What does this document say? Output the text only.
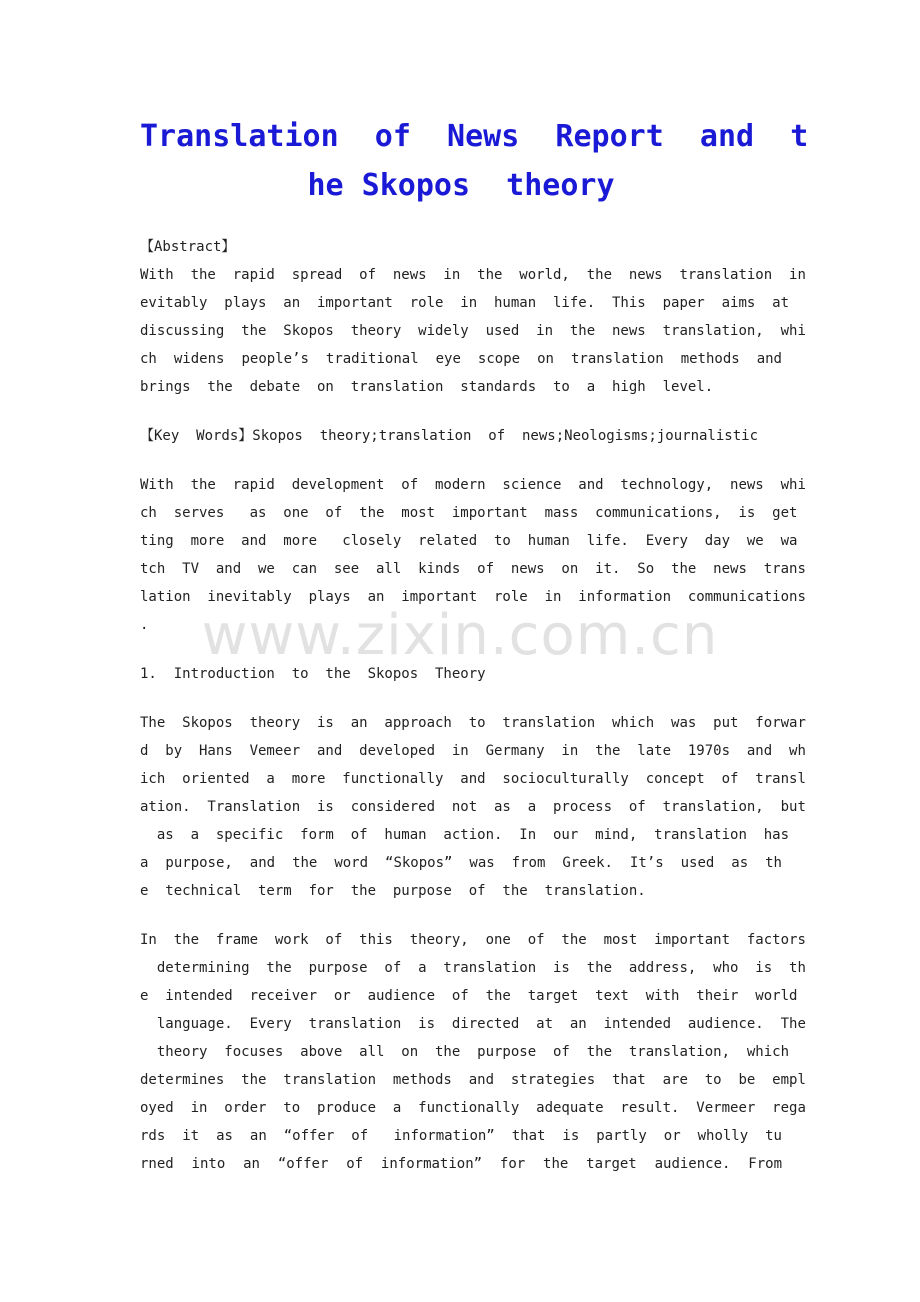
Translation  of  News  Report  and  t
he Skopos  theory

【Abstract】

With  the  rapid  spread  of  news  in  the  world,  the  news  translation  in

evitably  plays  an  important  role  in  human  life.  This  paper  aims  at

discussing  the  Skopos  theory  widely  used  in  the  news  translation,  whi

ch  widens  people’s  traditional  eye  scope  on  translation  methods  and

brings  the  debate  on  translation  standards  to  a  high  level.

【Key  Words】Skopos  theory;translation  of  news;Neologisms;journalistic

With  the  rapid  development  of  modern  science  and  technology,  news  whi

ch  serves   as  one  of  the  most  important  mass  communications,  is  get

ting  more  and  more   closely  related  to  human  life.  Every  day  we  wa

tch  TV  and  we  can  see  all  kinds  of  news  on  it.  So  the  news  trans

lation  inevitably  plays  an  important  role  in  information  communications

.

1.  Introduction  to  the  Skopos  Theory

The  Skopos  theory  is  an  approach  to  translation  which  was  put  forwar

d  by  Hans  Vemeer  and  developed  in  Germany  in  the  late  1970s  and  wh

ich  oriented  a  more  functionally  and  socioculturally  concept  of  transl

ation.  Translation  is  considered  not  as  a  process  of  translation,  but

as  a  specific  form  of  human  action.  In  our  mind,  translation  has

a  purpose,  and  the  word  “Skopos”  was  from  Greek.  It’s  used  as  th

e  technical  term  for  the  purpose  of  the  translation.

In  the  frame  work  of  this  theory,  one  of  the  most  important  factors

determining  the  purpose  of  a  translation  is  the  address,  who  is  th

e  intended  receiver  or  audience  of  the  target  text  with  their  world

language.  Every  translation  is  directed  at  an  intended  audience.  The

theory  focuses  above  all  on  the  purpose  of  the  translation,  which

determines  the  translation  methods  and  strategies  that  are  to  be  empl

oyed  in  order  to  produce  a  functionally  adequate  result.  Vermeer  rega

rds  it  as  an  “offer  of   information”  that  is  partly  or  wholly  tu

rned  into  an  “offer  of  information”  for  the  target  audience.  From

www.zixin.com.cn
